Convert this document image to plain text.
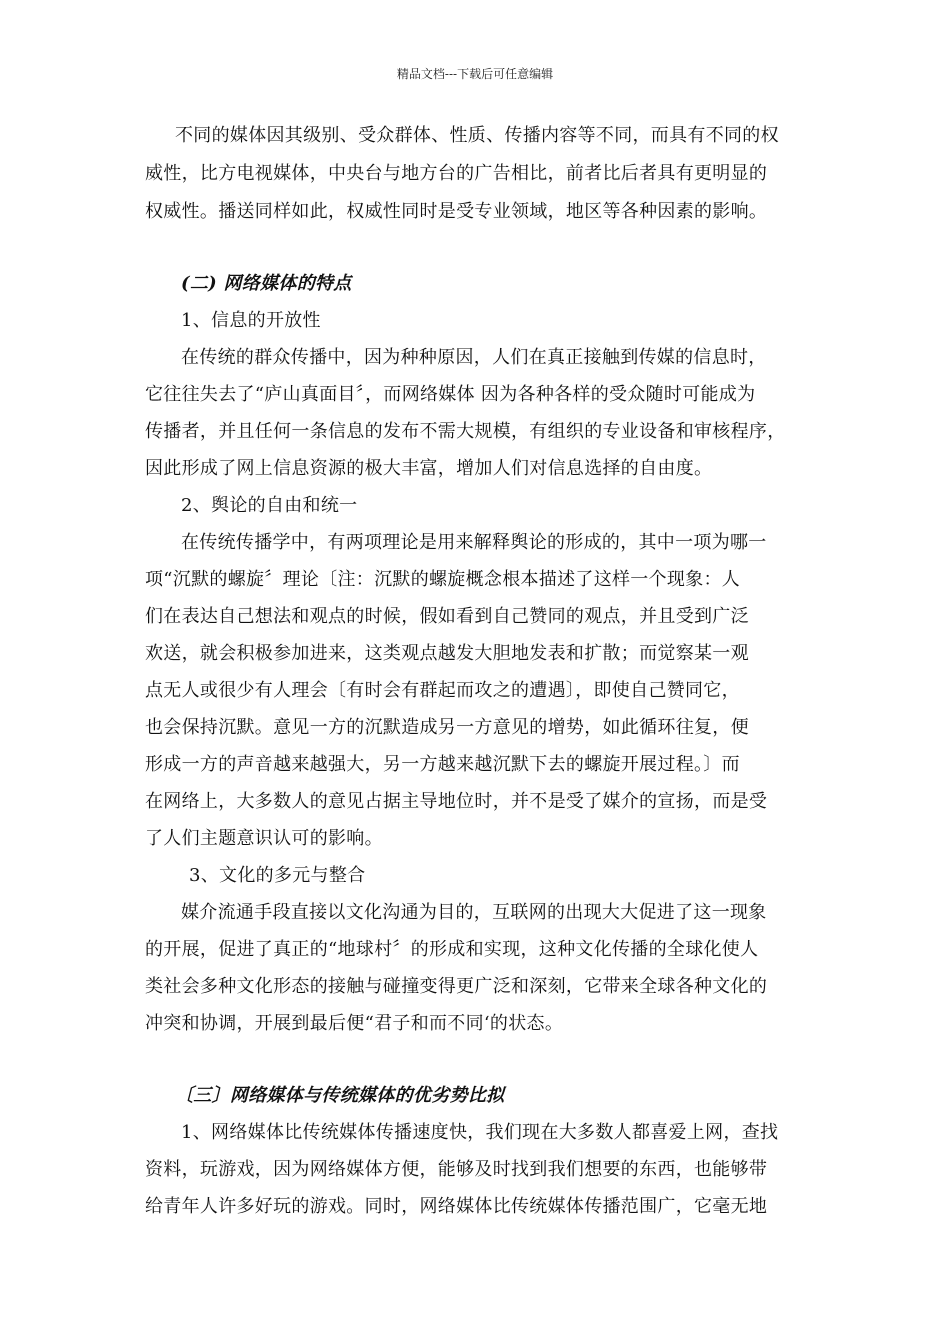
精品文档---下载后可任意编辑
不同的媒体因其级别、受众群体、性质、传播内容等不同，而具有不同的权
威性，比方电视媒体，中央台与地方台的广告相比，前者比后者具有更明显的
权威性。播送同样如此，权威性同时是受专业领域，地区等各种因素的影响。
(二) 网络媒体的特点
1、信息的开放性
在传统的群众传播中，因为种种原因，人们在真正接触到传媒的信息时，
它往往失去了“庐山真面目〞，而网络媒体 因为各种各样的受众随时可能成为
传播者，并且任何一条信息的发布不需大规模，有组织的专业设备和审核程序，
因此形成了网上信息资源的极大丰富，增加人们对信息选择的自由度。
2、舆论的自由和统一
在传统传播学中，有两项理论是用来解释舆论的形成的，其中一项为哪一
项“沉默的螺旋〞理论〔注：沉默的螺旋概念根本描述了这样一个现象：人
们在表达自己想法和观点的时候，假如看到自己赞同的观点，并且受到广泛
欢送，就会积极参加进来，这类观点越发大胆地发表和扩散；而觉察某一观
点无人或很少有人理会〔有时会有群起而攻之的遭遇〕，即使自己赞同它，
也会保持沉默。意见一方的沉默造成另一方意见的增势，如此循环往复，便
形成一方的声音越来越强大，另一方越来越沉默下去的螺旋开展过程。〕而
在网络上，大多数人的意见占据主导地位时，并不是受了媒介的宣扬，而是受
了人们主题意识认可的影响。
3、文化的多元与整合
媒介流通手段直接以文化沟通为目的，互联网的出现大大促进了这一现象
的开展，促进了真正的“地球村〞的形成和实现，这种文化传播的全球化使人
类社会多种文化形态的接触与碰撞变得更广泛和深刻，它带来全球各种文化的
冲突和协调，开展到最后便“君子和而不同‘的状态。
〔三〕网络媒体与传统媒体的优劣势比拟
1、网络媒体比传统媒体传播速度快，我们现在大多数人都喜爱上网，查找
资料，玩游戏，因为网络媒体方便，能够及时找到我们想要的东西，也能够带
给青年人许多好玩的游戏。同时，网络媒体比传统媒体传播范围广，它毫无地
